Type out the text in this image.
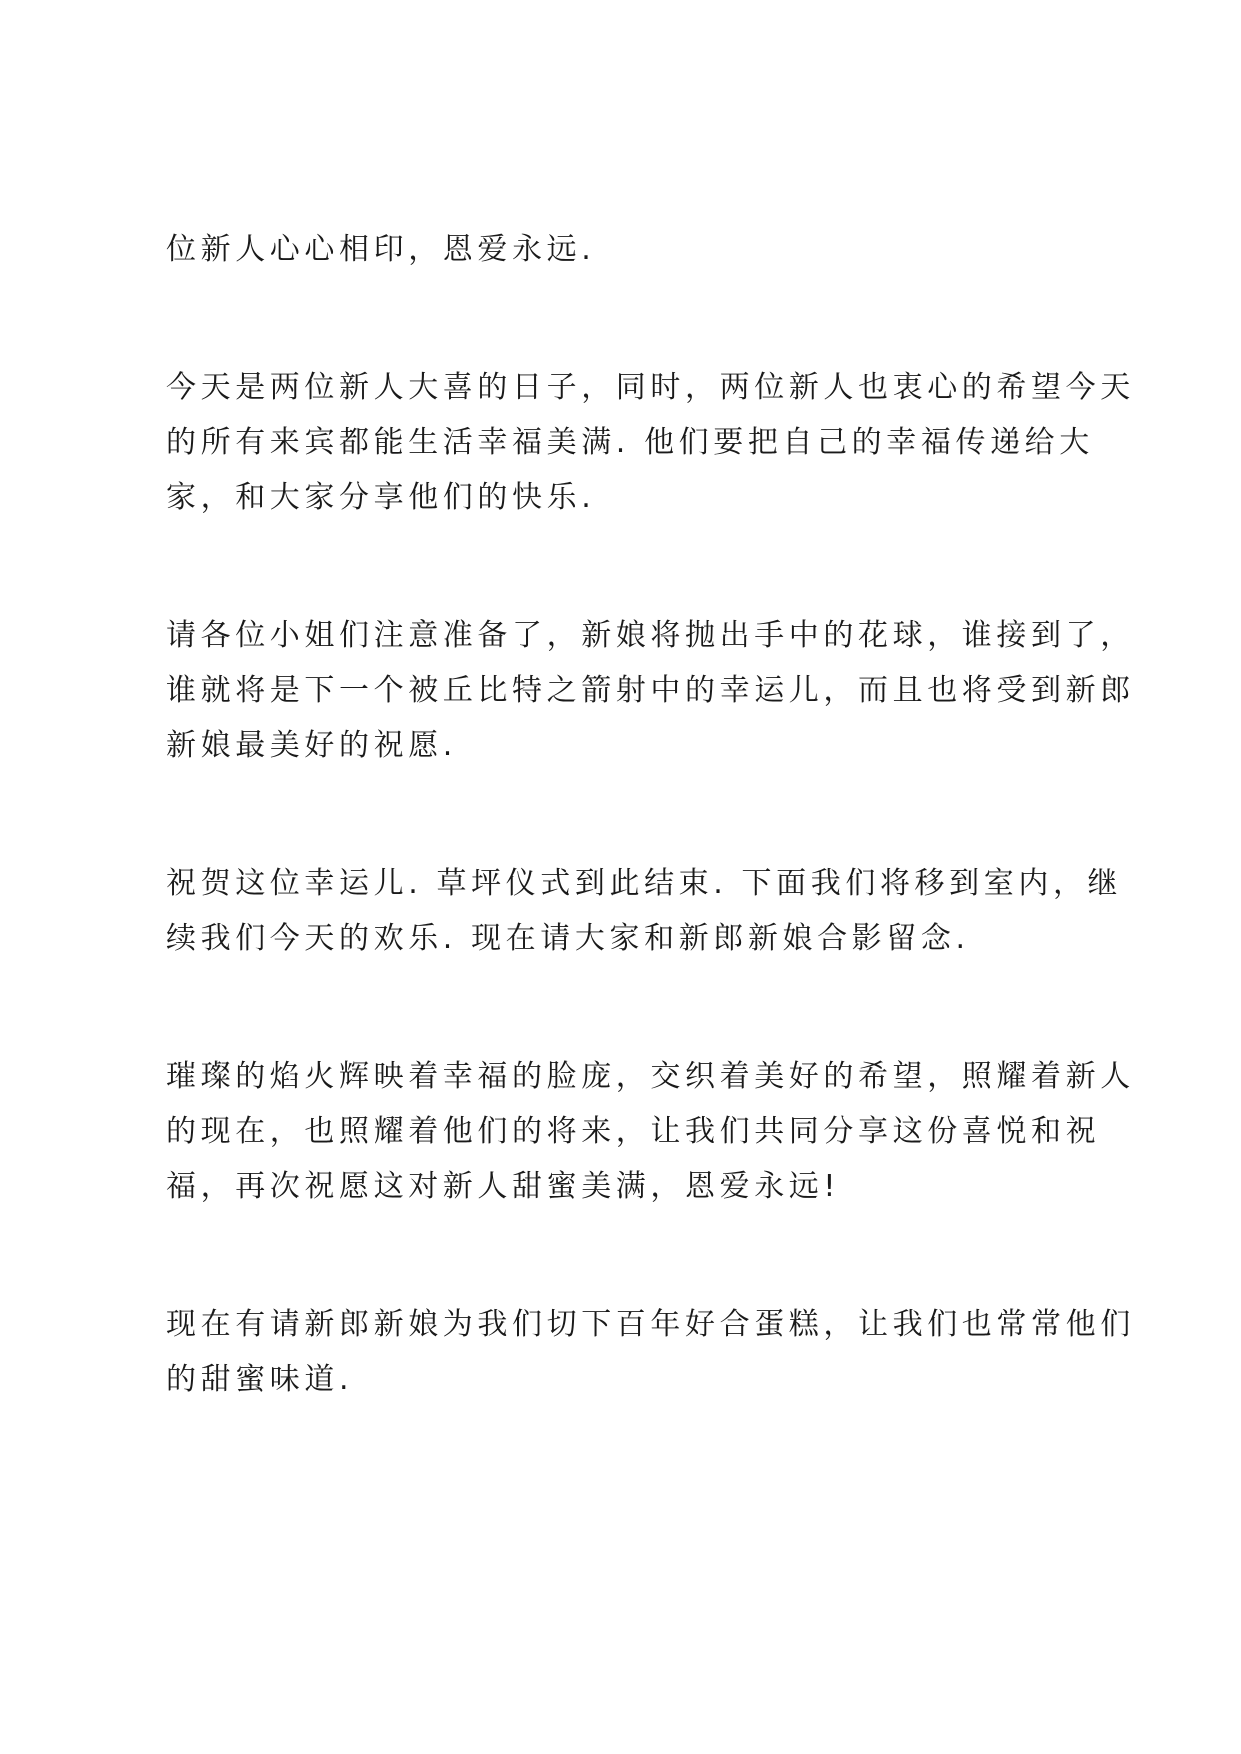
位新人心心相印，恩爱永远.

今天是两位新人大喜的日子，同时，两位新人也衷心的希望今天
的所有来宾都能生活幸福美满. 他们要把自己的幸福传递给大
家，和大家分享他们的快乐.

请各位小姐们注意准备了，新娘将抛出手中的花球，谁接到了，
谁就将是下一个被丘比特之箭射中的幸运儿，而且也将受到新郎
新娘最美好的祝愿.

祝贺这位幸运儿. 草坪仪式到此结束. 下面我们将移到室内，继
续我们今天的欢乐. 现在请大家和新郎新娘合影留念.

璀璨的焰火辉映着幸福的脸庞，交织着美好的希望，照耀着新人
的现在，也照耀着他们的将来，让我们共同分享这份喜悦和祝
福，再次祝愿这对新人甜蜜美满，恩爱永远!

现在有请新郎新娘为我们切下百年好合蛋糕，让我们也常常他们
的甜蜜味道.
